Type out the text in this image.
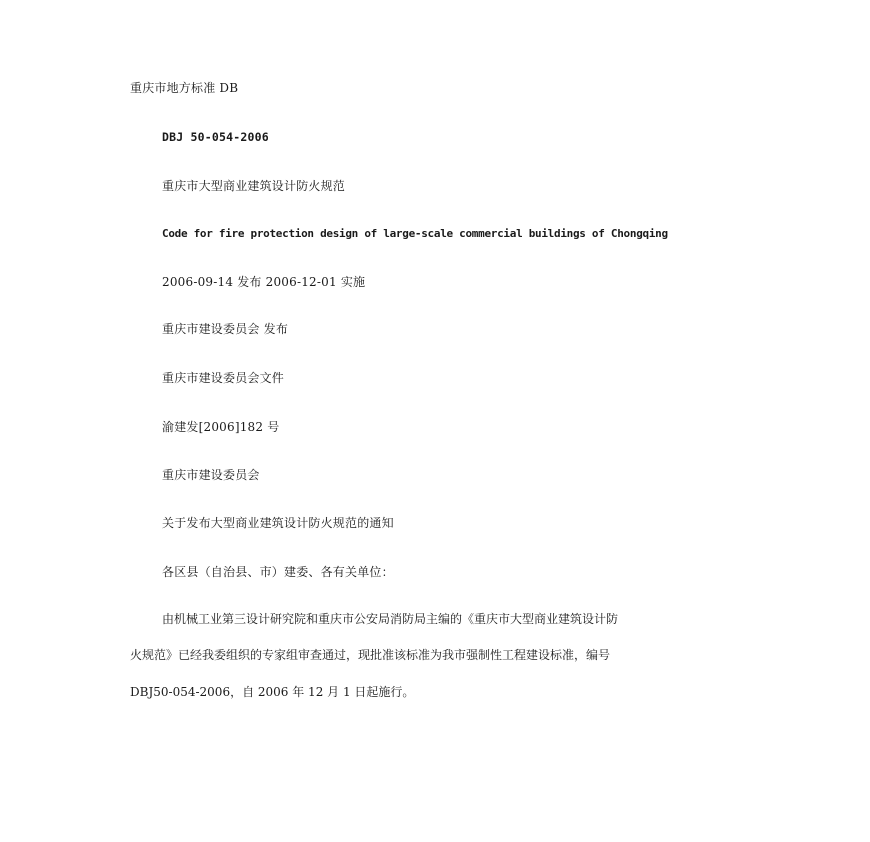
重庆市地方标准 DB
DBJ 50-054-2006
重庆市大型商业建筑设计防火规范
Code for fire protection design of large-scale commercial buildings of Chongqing
2006-09-14 发布 2006-12-01 实施
重庆市建设委员会 发布
重庆市建设委员会文件
渝建发[2006]182 号
重庆市建设委员会
关于发布大型商业建筑设计防火规范的通知
各区县（自治县、市）建委、各有关单位：
由机械工业第三设计研究院和重庆市公安局消防局主编的《重庆市大型商业建筑设计防
火规范》已经我委组织的专家组审查通过，现批准该标准为我市强制性工程建设标准，编号
DBJ50-054-2006，自 2006 年 12 月 1 日起施行。
